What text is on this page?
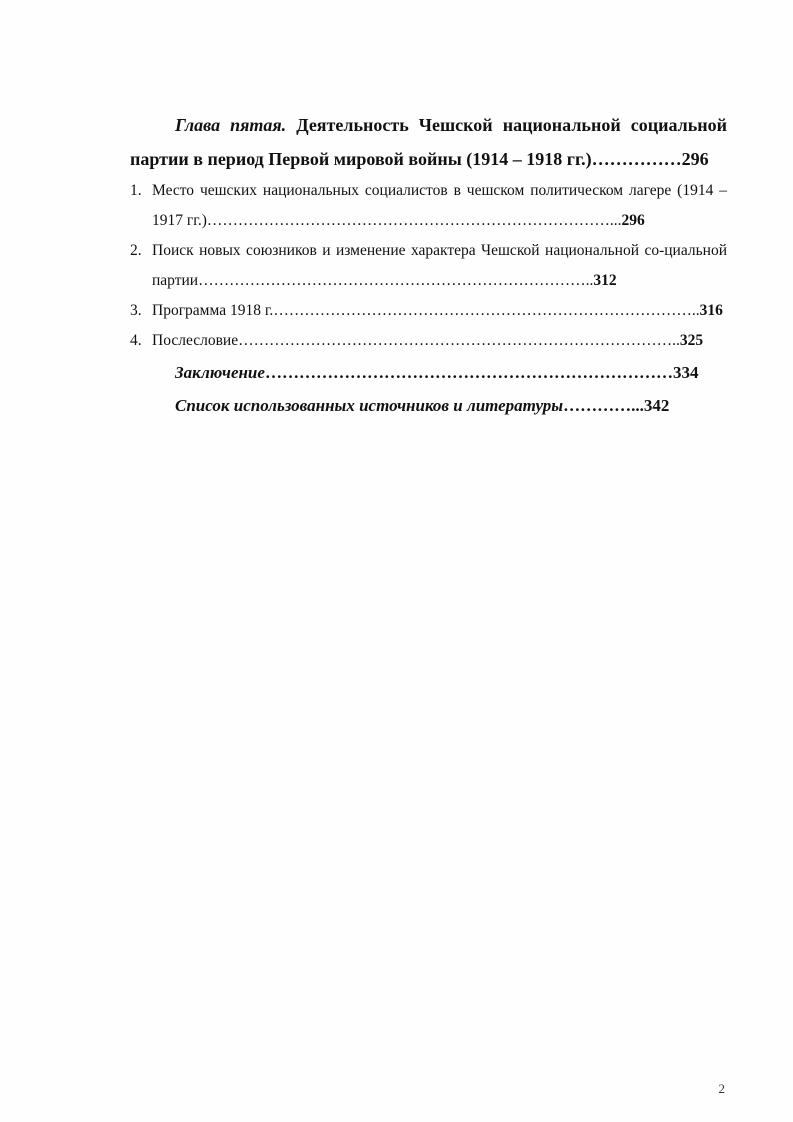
Глава пятая. Деятельность Чешской национальной социальной партии в период Первой мировой войны (1914 – 1918 гг.)……………296

1. Место чешских национальных социалистов в чешском политическом лагере (1914 – 1917 гг.)……………………………………………………………………...296

2. Поиск новых союзников и изменение характера Чешской национальной со-циальной партии…………………………………………………………………..312

3. Программа 1918 г.………………………………………………………………………..316

4. Послесловие…………………………………………………………………………..325

Заключение………………………………………………………………334

Список использованных источников и литературы…………...342

2
